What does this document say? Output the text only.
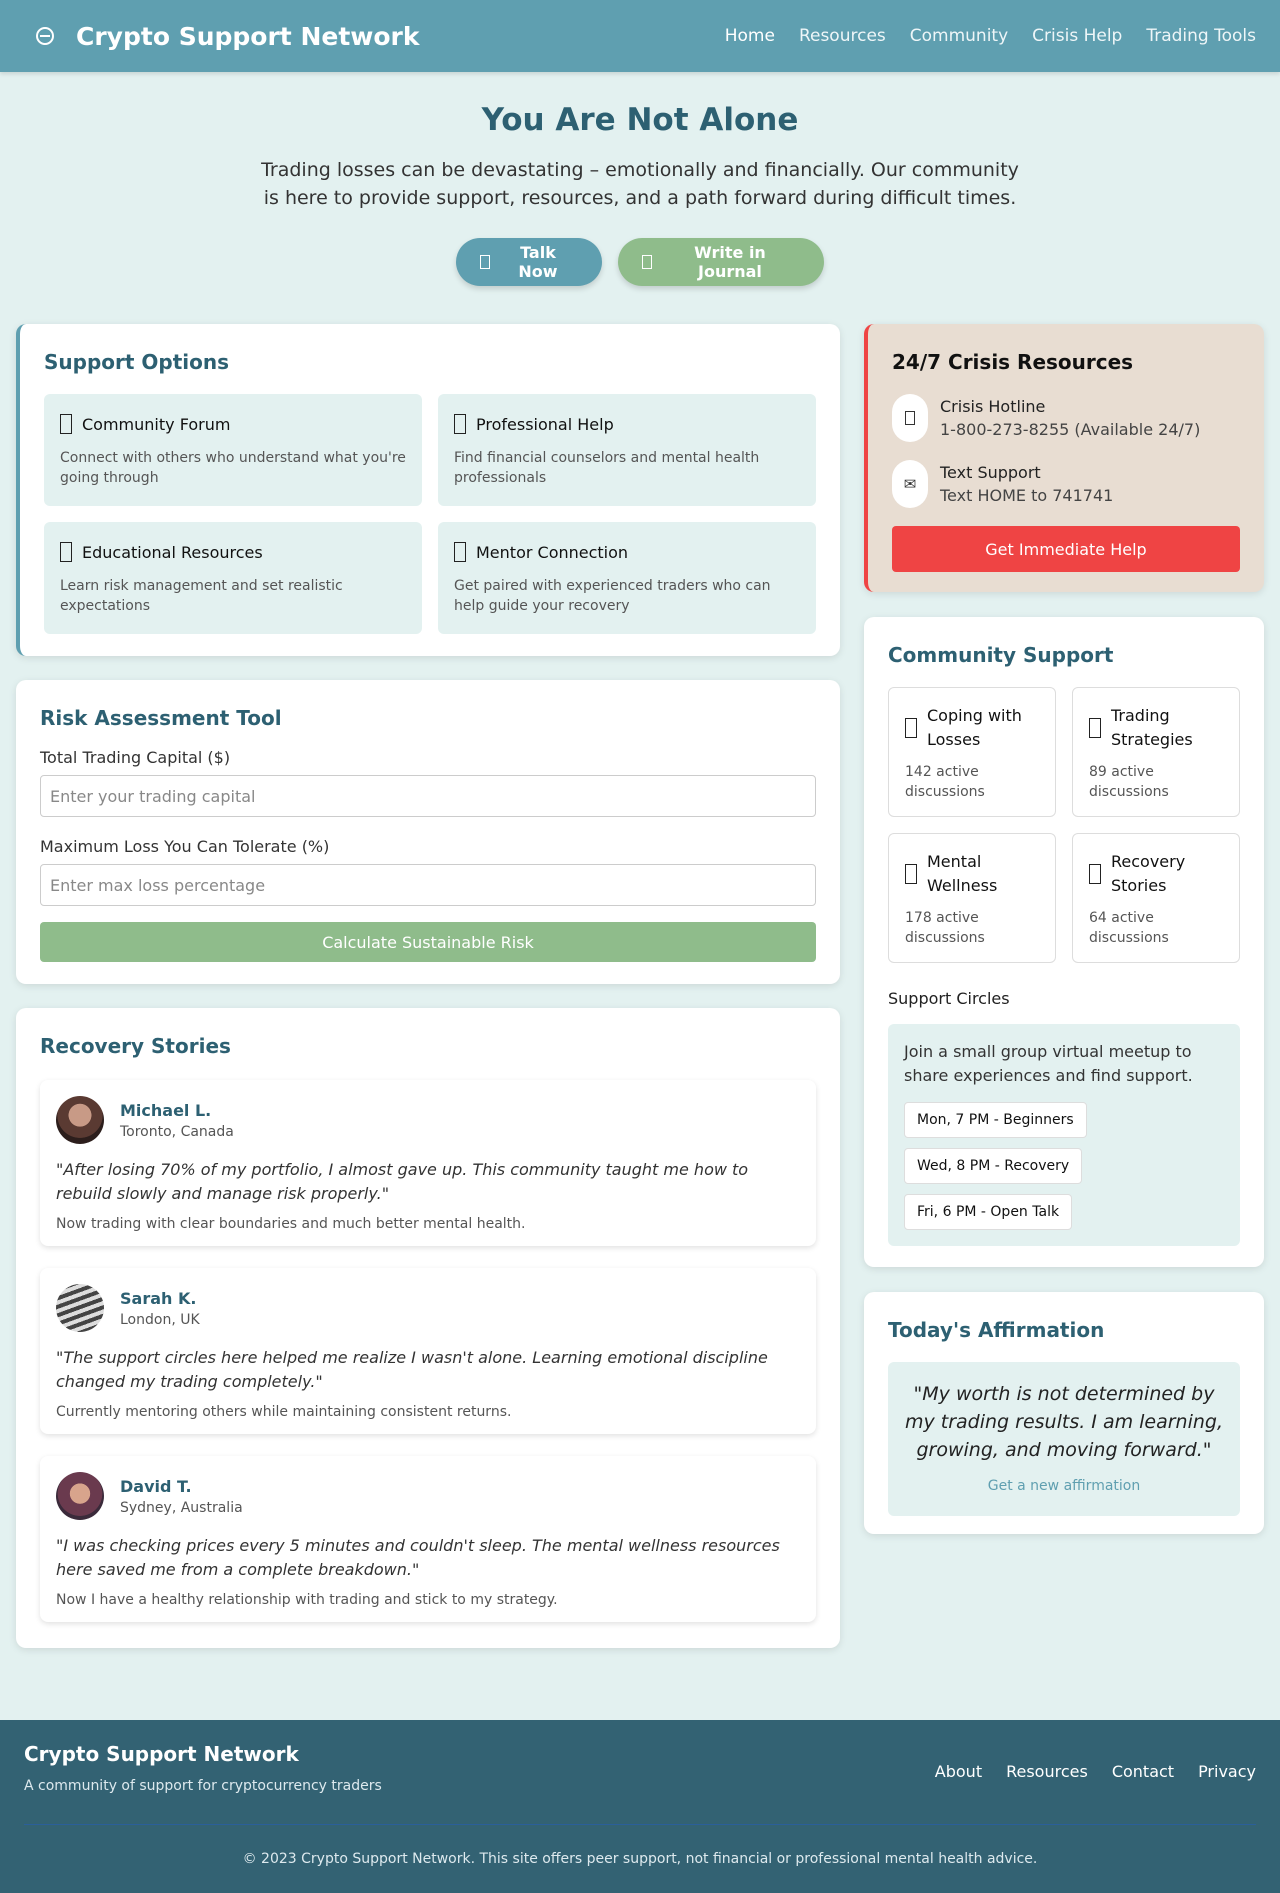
Crypto Support Network	Home Resources Community Crisis Help Trading Tools
You Are Not Alone

Trading losses can be devastating – emotionally and financially. Our community is here to provide support, resources, and a path forward during difficult times.

Talk Now
Write in Journal
Support Options
Community Forum

Connect with others who understand what you're going through

Professional Help

Find financial counselors and mental health professionals

Educational Resources

Learn risk management and set realistic expectations

Mentor Connection

Get paired with experienced traders who can help guide your recovery

Risk Assessment Tool
Total Trading Capital ($)
Enter your trading capital
Maximum Loss You Can Tolerate (%)
Enter max loss percentage Calculate Sustainable Risk
Recovery Stories
Michael L.
Toronto, Canada
"After losing 70% of my portfolio, I almost gave up. This community taught me how to rebuild slowly and manage risk properly."
Now trading with clear boundaries and much better mental health.
Sarah K.
London, UK
"The support circles here helped me realize I wasn't alone. Learning emotional discipline changed my trading completely."
Currently mentoring others while maintaining consistent returns.
David T.
Sydney, Australia
"I was checking prices every 5 minutes and couldn't sleep. The mental wellness resources here saved me from a complete breakdown."
Now I have a healthy relationship with trading and stick to my strategy.
24/7 Crisis Resources
Crisis Hotline
1-800-273-8255 (Available 24/7)
✉
Text Support
Text HOME to 741741
Get Immediate Help
Community Support
Coping with Losses
142 active discussions
Trading Strategies
89 active discussions
Mental Wellness
178 active discussions
Recovery Stories
64 active discussions
Support Circles

Join a small group virtual meetup to share experiences and find support.

Mon, 7 PM - Beginners
Wed, 8 PM - Recovery
Fri, 6 PM - Open Talk
Today's Affirmation
"My worth is not determined by my trading results. I am learning, growing, and moving forward."
Get a new affirmation
Crypto Support Network
A community of support for cryptocurrency traders
About Resources Contact Privacy
© 2023 Crypto Support Network. This site offers peer support, not financial or professional mental health advice.
